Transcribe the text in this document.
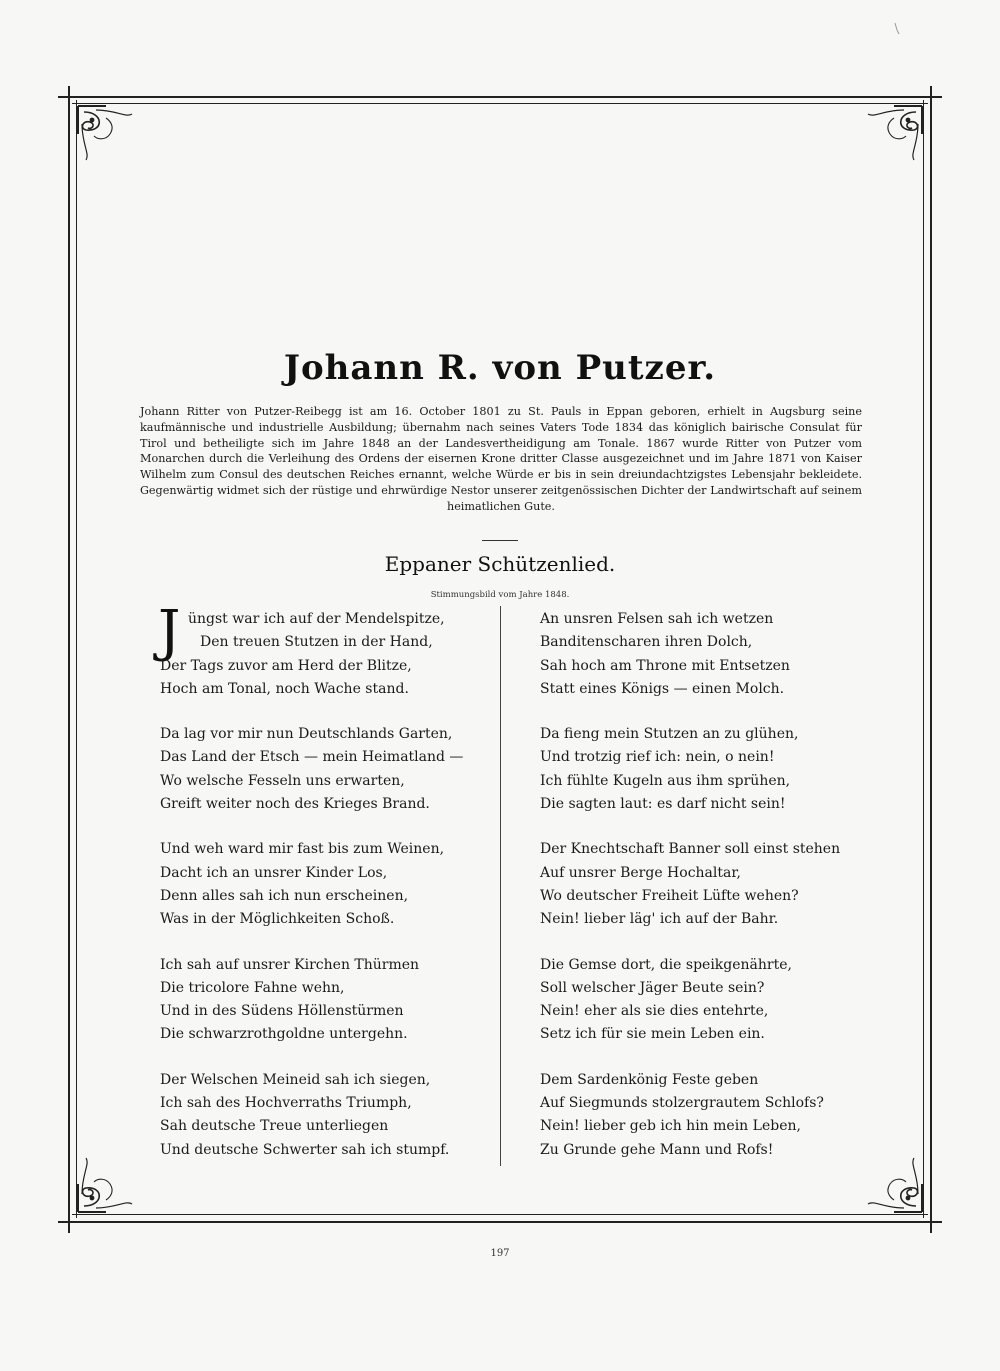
Johann R. von Putzer.
Johann Ritter von Putzer-Reibegg ist am 16. October 1801 zu St. Pauls in Eppan geboren, erhielt in Augsburg seine
kaufmännische und industrielle Ausbildung; übernahm nach seines Vaters Tode 1834 das königlich bairische Consulat für
Tirol und betheiligte sich im Jahre 1848 an der Landesvertheidigung am Tonale. 1867 wurde Ritter von Putzer vom
Monarchen durch die Verleihung des Ordens der eisernen Krone dritter Classe ausgezeichnet und im Jahre 1871 von Kaiser
Wilhelm zum Consul des deutschen Reiches ernannt, welche Würde er bis in sein dreiundachtzigstes Lebensjahr bekleidete.
Gegenwärtig widmet sich der rüstige und ehrwürdige Nestor unserer zeitgenössischen Dichter der Landwirtschaft auf seinem
heimatlichen Gute.
Eppaner Schützenlied.
Stimmungsbild vom Jahre 1848.
J üngst war ich auf der Mendelspitze,
Den treuen Stutzen in der Hand,
Der Tags zuvor am Herd der Blitze,
Hoch am Tonal, noch Wache stand.
Da lag vor mir nun Deutschlands Garten,
Das Land der Etsch — mein Heimatland —
Wo welsche Fesseln uns erwarten,
Greift weiter noch des Krieges Brand.
Und weh ward mir fast bis zum Weinen,
Dacht ich an unsrer Kinder Los,
Denn alles sah ich nun erscheinen,
Was in der Möglichkeiten Schoß.
Ich sah auf unsrer Kirchen Thürmen
Die tricolore Fahne wehn,
Und in des Südens Höllenstürmen
Die schwarzrothgoldne untergehn.
Der Welschen Meineid sah ich siegen,
Ich sah des Hochverraths Triumph,
Sah deutsche Treue unterliegen
Und deutsche Schwerter sah ich stumpf.
An unsren Felsen sah ich wetzen
Banditenscharen ihren Dolch,
Sah hoch am Throne mit Entsetzen
Statt eines Königs — einen Molch.
Da fieng mein Stutzen an zu glühen,
Und trotzig rief ich: nein, o nein!
Ich fühlte Kugeln aus ihm sprühen,
Die sagten laut: es darf nicht sein!
Der Knechtschaft Banner soll einst stehen
Auf unsrer Berge Hochaltar,
Wo deutscher Freiheit Lüfte wehen?
Nein! lieber läg' ich auf der Bahr.
Die Gemse dort, die speikgenährte,
Soll welscher Jäger Beute sein?
Nein! eher als sie dies entehrte,
Setz ich für sie mein Leben ein.
Dem Sardenkönig Feste geben
Auf Siegmunds stolzergrautem Schlofs?
Nein! lieber geb ich hin mein Leben,
Zu Grunde gehe Mann und Rofs!
197
